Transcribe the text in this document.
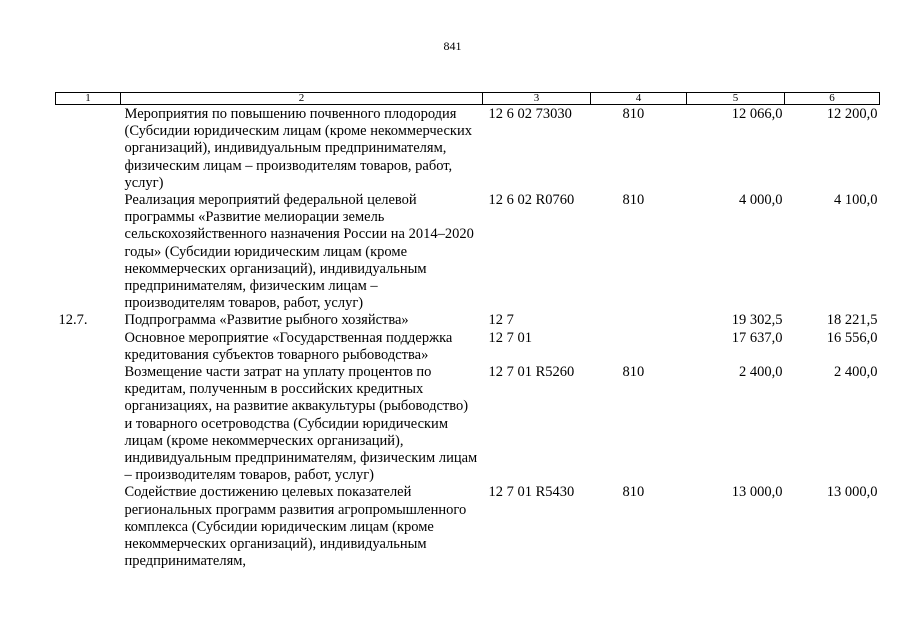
841
1	2	3	4	5	6
	Мероприятия по повышению почвенного плодородия (Субсидии юридическим лицам (кроме некоммерческих организаций), индивидуальным предпринимателям, физическим лицам – производителям товаров, работ, услуг)	12 6 02 73030	810	12 066,0	12 200,0
	Реализация мероприятий федеральной целевой программы «Развитие мелиорации земель сельскохозяйственного назначения России на 2014–2020 годы» (Субсидии юридическим лицам (кроме некоммерческих организаций), индивидуальным предпринимателям, физическим лицам – производителям товаров, работ, услуг)	12 6 02 R0760	810	4 000,0	4 100,0
12.7.	Подпрограмма «Развитие рыбного хозяйства»	12 7		19 302,5	18 221,5
	Основное мероприятие «Государственная поддержка кредитования субъектов товарного рыбоводства»	12 7 01		17 637,0	16 556,0
	Возмещение части затрат на уплату процентов по кредитам, полученным в российских кредитных организациях, на развитие аквакультуры (рыбоводство) и товарного осетроводства (Субсидии юридическим лицам (кроме некоммерческих организаций), индивидуальным предпринимателям, физическим лицам – производителям товаров, работ, услуг)	12 7 01 R5260	810	2 400,0	2 400,0
	Содействие достижению целевых показателей региональных программ развития агропромышленного комплекса (Субсидии юридическим лицам (кроме некоммерческих организаций), индивидуальным предпринимателям,	12 7 01 R5430	810	13 000,0	13 000,0
